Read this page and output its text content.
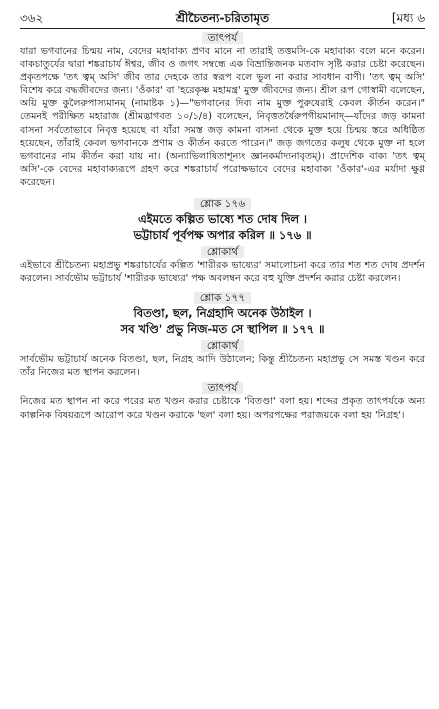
৩৬২	শ্রীচৈতন্য-চরিতামৃত	[মধ্য ৬
তাৎপর্য

যারা ভগবানের চিন্ময় নাম, বেদের মহাবাক্য প্রণব মানে না তারাই তত্তমসি-কে মহাবাক্য বলে মনে করেন। বাকচাতুর্যের দ্বারা শঙ্করাচার্য ঈশ্বর, জীব ও জগৎ সম্বন্ধে এক বিভ্রান্তিজনক মতবাদ সৃষ্টি করার চেষ্টা করেছেন। প্রকৃতপক্ষে 'তৎ ত্বম্ অসি' জীব তার দেহকে তার স্বরূপ বলে ভুল না করার সাবধান বাণী। 'তৎ ত্বম্ অসি' বিশেষ করে বদ্ধজীবদের জন্য। 'ওঁকার' বা 'হরেকৃষ্ণ মহামন্ত্র' মুক্ত জীবদের জন্য। শ্রীল রূপ গোস্বামী বলেছেন, অয়ি মুক্ত কুলৈরুপাস্যমানম্ (নামাষ্টক ১)—"ভগবানের দিব্য নাম মুক্ত পুরুষেরাই কেবল কীর্তন করেন।" তেমনই পরীক্ষিত মহারাজ (শ্রীমদ্ভাগবত ১০/১/৪) বলেছেন, নিবৃত্ততর্ষৈরুপগীয়মানাদ্—যাঁদের জড় কামনা বাসনা সর্বতোভাবে নিবৃত্ত হয়েছে বা যাঁরা সমস্ত জড় কামনা বাসনা থেকে মুক্ত হয়ে চিন্ময় স্তরে অধিষ্ঠিত হয়েছেন, তাঁরাই কেবল ভগবানকে প্রণাম ও কীর্তন করতে পারেন।" জড় জগতের কলুষ থেকে মুক্ত না হলে ভগবানের নাম কীর্তন করা যায় না। (অন্যাভিলাষিতাশূন্যং জ্ঞানকর্মাদ্যনাবৃতম্)। প্রাদেশিক বাক্য 'তৎ ত্বম্ অসি'-কে বেদের মহাবাক্যরূপে গ্রহণ করে শঙ্করাচার্য পরোক্ষভাবে বেদের মহাবাক্য 'ওঁকার'-এর মর্যাদা ক্ষুণ্ণ করেছেন।

শ্লোক ১৭৬
এইমতে কল্পিত ভাষ্যে শত দোষ দিল ।
ভট্টাচার্য পূর্বপক্ষ অপার করিল ॥ ১৭৬ ॥
শ্লোকার্থ

এইভাবে শ্রীচৈতন্য মহাপ্রভু শঙ্করাচার্যের কল্পিত 'শারীরক ভাষ্যের' সমালোচনা করে তার শত শত দোষ প্রদর্শন করলেন। সার্বভৌম ভট্টাচার্য 'শারীরক ভাষ্যের' পক্ষ অবলম্বন করে বহু যুক্তি প্রদর্শন করার চেষ্টা করলেন।

শ্লোক ১৭৭
বিতণ্ডা, ছল, নিগ্রহাদি অনেক উঠাইল ।
সব খণ্ডি' প্রভু নিজ-মত সে স্থাপিল ॥ ১৭৭ ॥
শ্লোকার্থ

সার্বভৌম ভট্টাচার্য অনেক বিতণ্ডা, ছল, নিগ্রহ আদি উঠালেন; কিন্তু শ্রীচৈতন্য মহাপ্রভু সে সমস্ত খণ্ডন করে তাঁর নিজের মত স্থাপন করলেন।

তাৎপর্য

নিজের মত স্থাপন না করে পরের মত খণ্ডন করার চেষ্টাকে 'বিতণ্ডা' বলা হয়। শব্দের প্রকৃত তাৎপর্যকে অন্য কাল্পনিক বিষয়রূপে আরোপ করে খণ্ডন করাকে 'ছল' বলা হয়। অপরপক্ষের পরাজয়কে বলা হয় 'নিগ্রহ'।
